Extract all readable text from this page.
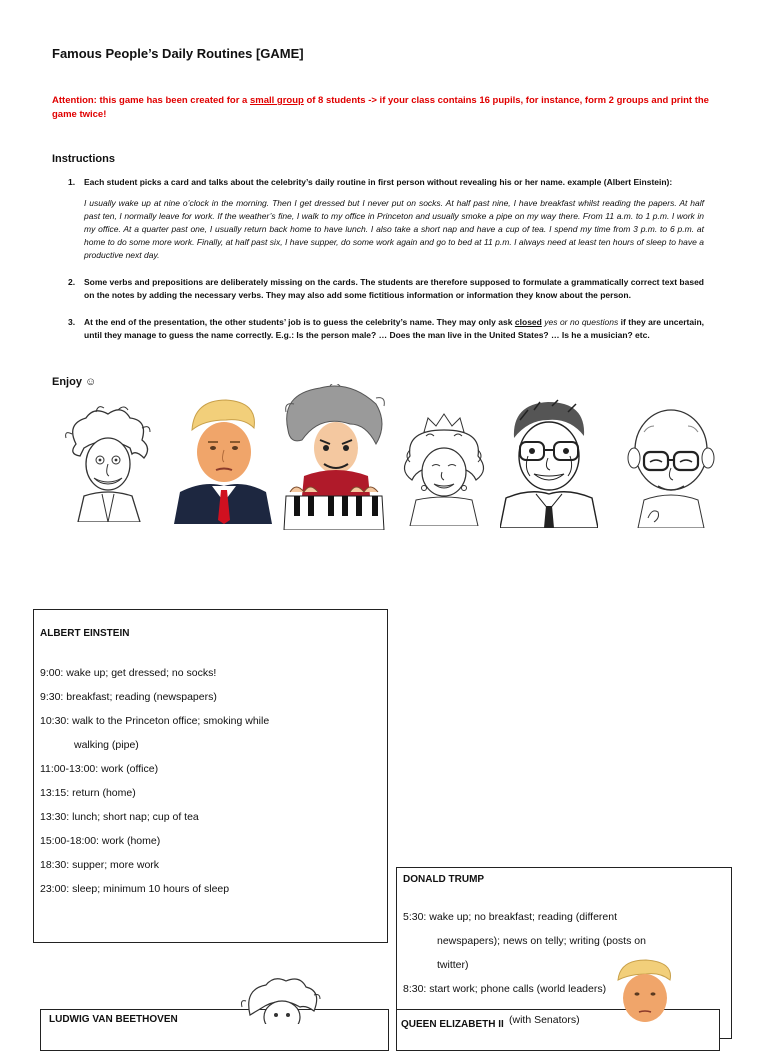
Famous People’s Daily Routines [GAME]
Attention: this game has been created for a small group of 8 students -> if your class contains 16 pupils, for instance, form 2 groups and print the game twice!
Instructions
1.	Each student picks a card and talks about the celebrity’s daily routine in first person without revealing his or her name. example (Albert Einstein):
I usually wake up at nine o’clock in the morning. Then I get dressed but I never put on socks. At half past nine, I have breakfast whilst reading the papers. At half past ten, I normally leave for work. If the weather’s fine, I walk to my office in Princeton and usually smoke a pipe on my way there. From 11 a.m. to 1 p.m. I work in my office. At a quarter past one, I usually return back home to have lunch. I also take a short nap and have a cup of tea. I spend my time from 3 p.m. to 6 p.m. at home to do some more work. Finally, at half past six, I have supper, do some work again and go to bed at 11 p.m. I always need at least ten hours of sleep to have a productive next day.
2.	Some verbs and prepositions are deliberately missing on the cards. The students are therefore supposed to formulate a grammatically correct text based on the notes by adding the necessary verbs. They may also add some fictitious information or information they know about the person.
3.	At the end of the presentation, the other students’ job is to guess the celebrity’s name. They may only ask closed yes or no questions if they are uncertain, until they manage to guess the name correctly. E.g.: Is the person male? … Does the man live in the United States? … Is he a musician? etc.
Enjoy ☺
ALBERT EINSTEIN
9:00: wake up; get dressed; no socks!
9:30: breakfast; reading (newspapers)
10:30: walk to the Princeton office; smoking while
walking (pipe)
11:00-13:00: work (office)
13:15: return (home)
13:30: lunch; short nap; cup of tea
15:00-18:00: work (home)
18:30: supper; more work
23:00: sleep; minimum 10 hours of sleep
DONALD TRUMP
5:30: wake up; no breakfast; reading (different
newspapers); news on telly; writing (posts on
twitter)
8:30: start work; phone calls (world leaders)
LUDWIG VAN BEETHOVEN	QUEEN ELIZABETH II (with Senators)
